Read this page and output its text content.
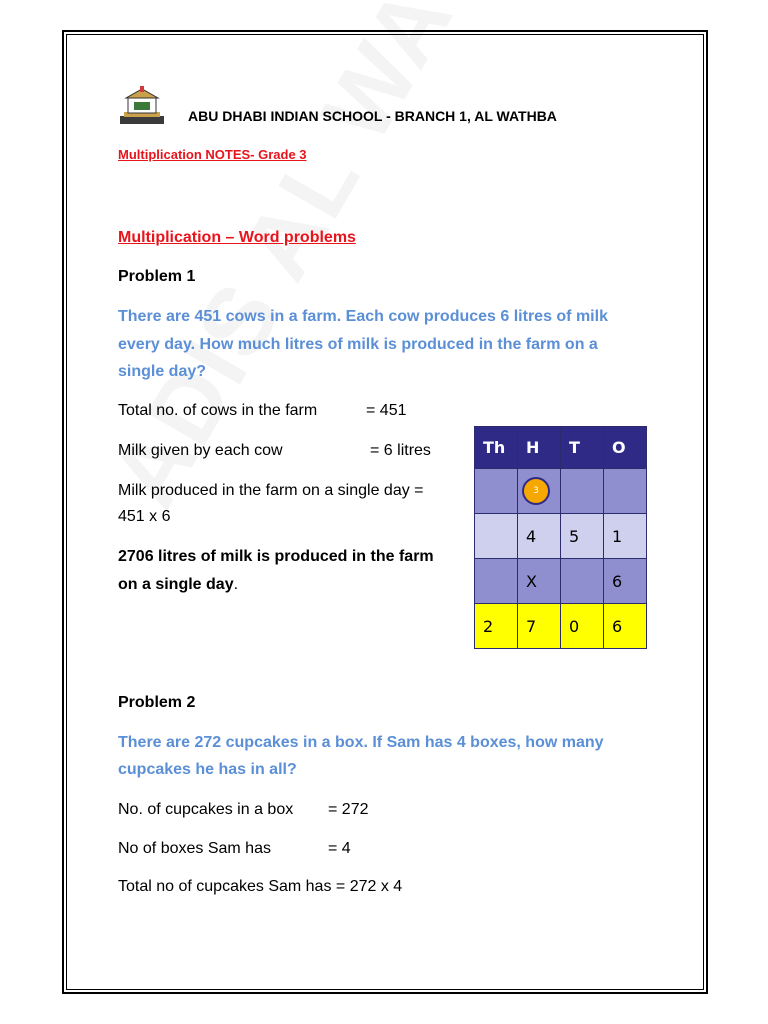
ABU DHABI INDIAN SCHOOL - BRANCH 1, AL WATHBA
Multiplication NOTES- Grade 3
Multiplication – Word problems
Problem 1
There are 451 cows in a farm. Each cow produces 6 litres of milk
every day. How much litres of milk is produced in the farm on a
single day?
Total no. of cows in the farm	= 451
Milk given by each cow	= 6 litres
Milk produced in the farm on a single day =
451 x 6
2706 litres of milk is produced in the farm
on a single day.
Th	H	T	O
	3		
	4	5	1
	X		6
2	7	0	6
Problem 2
There are 272 cupcakes in a box. If Sam has 4 boxes, how many
cupcakes he has in all?
No. of cupcakes in a box = 272
No of boxes Sam has	= 4
Total no of cupcakes Sam has = 272 x 4
